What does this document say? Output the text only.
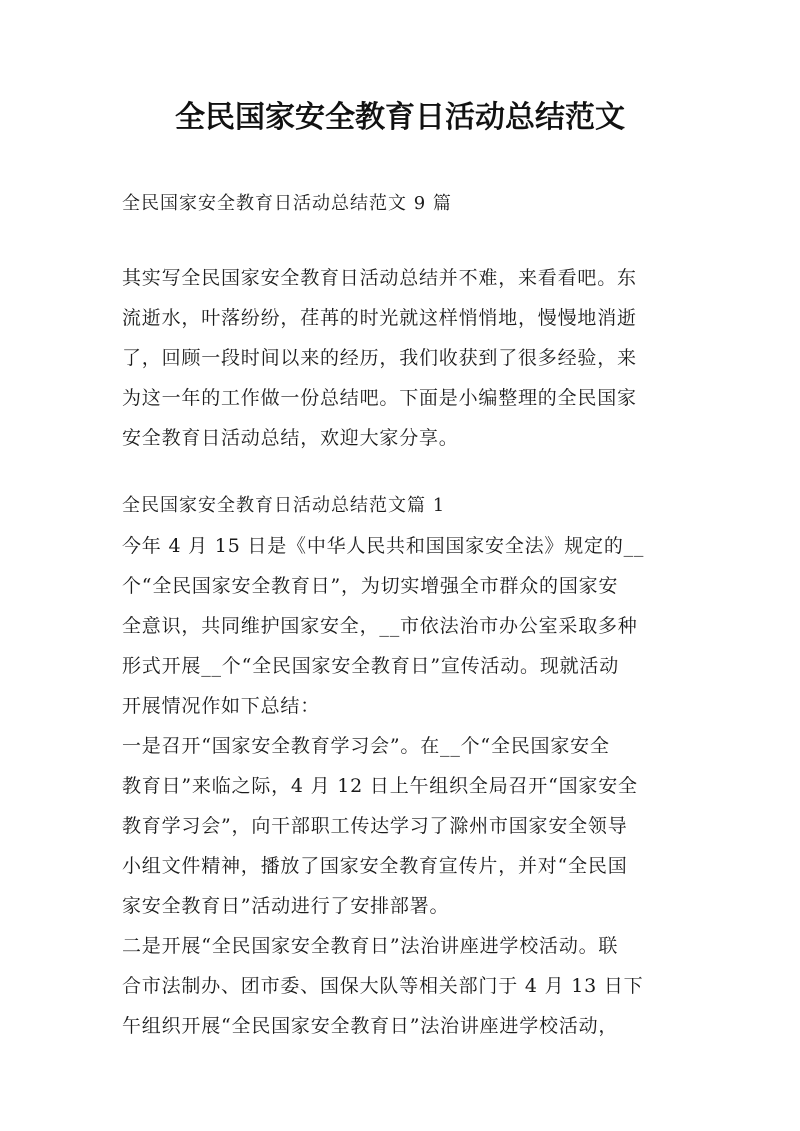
全民国家安全教育日活动总结范文
全民国家安全教育日活动总结范文 9 篇
其实写全民国家安全教育日活动总结并不难，来看看吧。东
流逝水，叶落纷纷，荏苒的时光就这样悄悄地，慢慢地消逝
了，回顾一段时间以来的经历，我们收获到了很多经验，来
为这一年的工作做一份总结吧。下面是小编整理的全民国家
安全教育日活动总结，欢迎大家分享。
全民国家安全教育日活动总结范文篇 1
今年 4 月 15 日是《中华人民共和国国家安全法》规定的__
个“全民国家安全教育日”，为切实增强全市群众的国家安
全意识，共同维护国家安全，__市依法治市办公室采取多种
形式开展__个“全民国家安全教育日”宣传活动。现就活动
开展情况作如下总结：
一是召开“国家安全教育学习会”。在__个“全民国家安全
教育日”来临之际，4 月 12 日上午组织全局召开“国家安全
教育学习会”，向干部职工传达学习了滁州市国家安全领导
小组文件精神，播放了国家安全教育宣传片，并对“全民国
家安全教育日”活动进行了安排部署。
二是开展“全民国家安全教育日”法治讲座进学校活动。联
合市法制办、团市委、国保大队等相关部门于 4 月 13 日下
午组织开展“全民国家安全教育日”法治讲座进学校活动，
